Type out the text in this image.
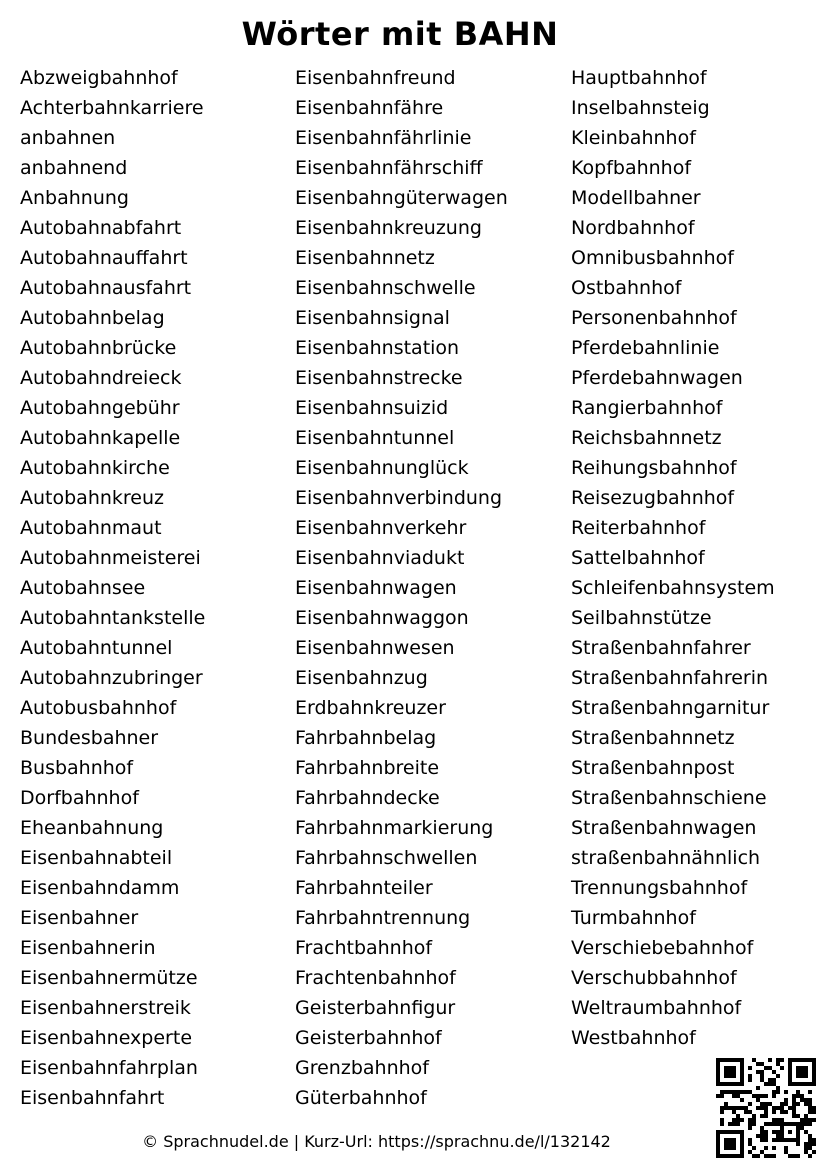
Wörter mit BAHN
Abzweigbahnhof
Achterbahnkarriere
anbahnen
anbahnend
Anbahnung
Autobahnabfahrt
Autobahnauffahrt
Autobahnausfahrt
Autobahnbelag
Autobahnbrücke
Autobahndreieck
Autobahngebühr
Autobahnkapelle
Autobahnkirche
Autobahnkreuz
Autobahnmaut
Autobahnmeisterei
Autobahnsee
Autobahntankstelle
Autobahntunnel
Autobahnzubringer
Autobusbahnhof
Bundesbahner
Busbahnhof
Dorfbahnhof
Eheanbahnung
Eisenbahnabteil
Eisenbahndamm
Eisenbahner
Eisenbahnerin
Eisenbahnermütze
Eisenbahnerstreik
Eisenbahnexperte
Eisenbahnfahrplan
Eisenbahnfahrt
Eisenbahnfreund
Eisenbahnfähre
Eisenbahnfährlinie
Eisenbahnfährschiff
Eisenbahngüterwagen
Eisenbahnkreuzung
Eisenbahnnetz
Eisenbahnschwelle
Eisenbahnsignal
Eisenbahnstation
Eisenbahnstrecke
Eisenbahnsuizid
Eisenbahntunnel
Eisenbahnunglück
Eisenbahnverbindung
Eisenbahnverkehr
Eisenbahnviadukt
Eisenbahnwagen
Eisenbahnwaggon
Eisenbahnwesen
Eisenbahnzug
Erdbahnkreuzer
Fahrbahnbelag
Fahrbahnbreite
Fahrbahndecke
Fahrbahnmarkierung
Fahrbahnschwellen
Fahrbahnteiler
Fahrbahntrennung
Frachtbahnhof
Frachtenbahnhof
Geisterbahnfigur
Geisterbahnhof
Grenzbahnhof
Güterbahnhof
Hauptbahnhof
Inselbahnsteig
Kleinbahnhof
Kopfbahnhof
Modellbahner
Nordbahnhof
Omnibusbahnhof
Ostbahnhof
Personenbahnhof
Pferdebahnlinie
Pferdebahnwagen
Rangierbahnhof
Reichsbahnnetz
Reihungsbahnhof
Reisezugbahnhof
Reiterbahnhof
Sattelbahnhof
Schleifenbahnsystem
Seilbahnstütze
Straßenbahnfahrer
Straßenbahnfahrerin
Straßenbahngarnitur
Straßenbahnnetz
Straßenbahnpost
Straßenbahnschiene
Straßenbahnwagen
straßenbahnähnlich
Trennungsbahnhof
Turmbahnhof
Verschiebebahnhof
Verschubbahnhof
Weltraumbahnhof
Westbahnhof
© Sprachnudel.de | Kurz-Url: https://sprachnu.de/l/132142
